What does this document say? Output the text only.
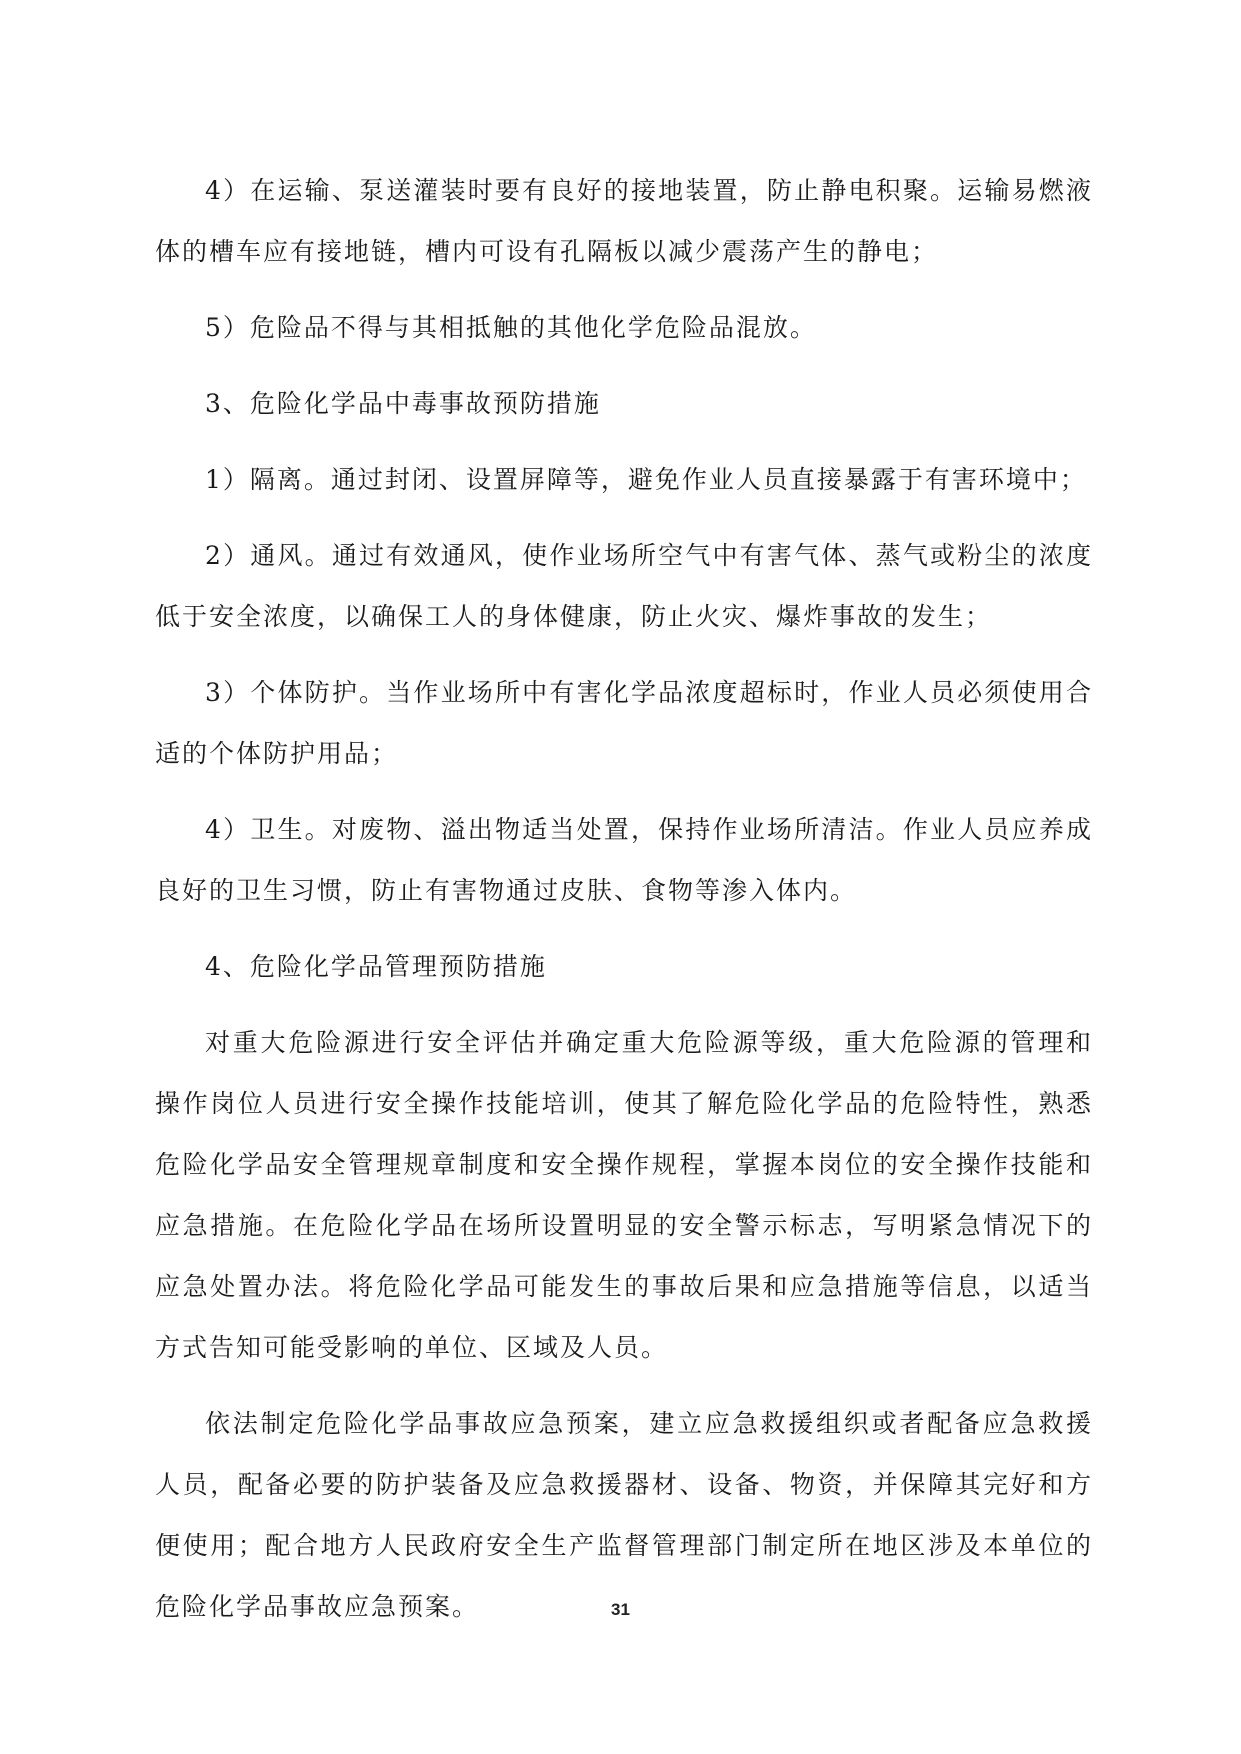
4）在运输、泵送灌装时要有良好的接地装置，防止静电积聚。运输易燃液体的槽车应有接地链，槽内可设有孔隔板以减少震荡产生的静电；

5）危险品不得与其相抵触的其他化学危险品混放。

3、危险化学品中毒事故预防措施

1）隔离。通过封闭、设置屏障等，避免作业人员直接暴露于有害环境中；

2）通风。通过有效通风，使作业场所空气中有害气体、蒸气或粉尘的浓度低于安全浓度，以确保工人的身体健康，防止火灾、爆炸事故的发生；

3）个体防护。当作业场所中有害化学品浓度超标时，作业人员必须使用合适的个体防护用品；

4）卫生。对废物、溢出物适当处置，保持作业场所清洁。作业人员应养成良好的卫生习惯，防止有害物通过皮肤、食物等渗入体内。

4、危险化学品管理预防措施

对重大危险源进行安全评估并确定重大危险源等级，重大危险源的管理和操作岗位人员进行安全操作技能培训，使其了解危险化学品的危险特性，熟悉危险化学品安全管理规章制度和安全操作规程，掌握本岗位的安全操作技能和应急措施。在危险化学品在场所设置明显的安全警示标志，写明紧急情况下的应急处置办法。将危险化学品可能发生的事故后果和应急措施等信息，以适当方式告知可能受影响的单位、区域及人员。

依法制定危险化学品事故应急预案，建立应急救援组织或者配备应急救援人员，配备必要的防护装备及应急救援器材、设备、物资，并保障其完好和方便使用；配合地方人民政府安全生产监督管理部门制定所在地区涉及本单位的危险化学品事故应急预案。	31
